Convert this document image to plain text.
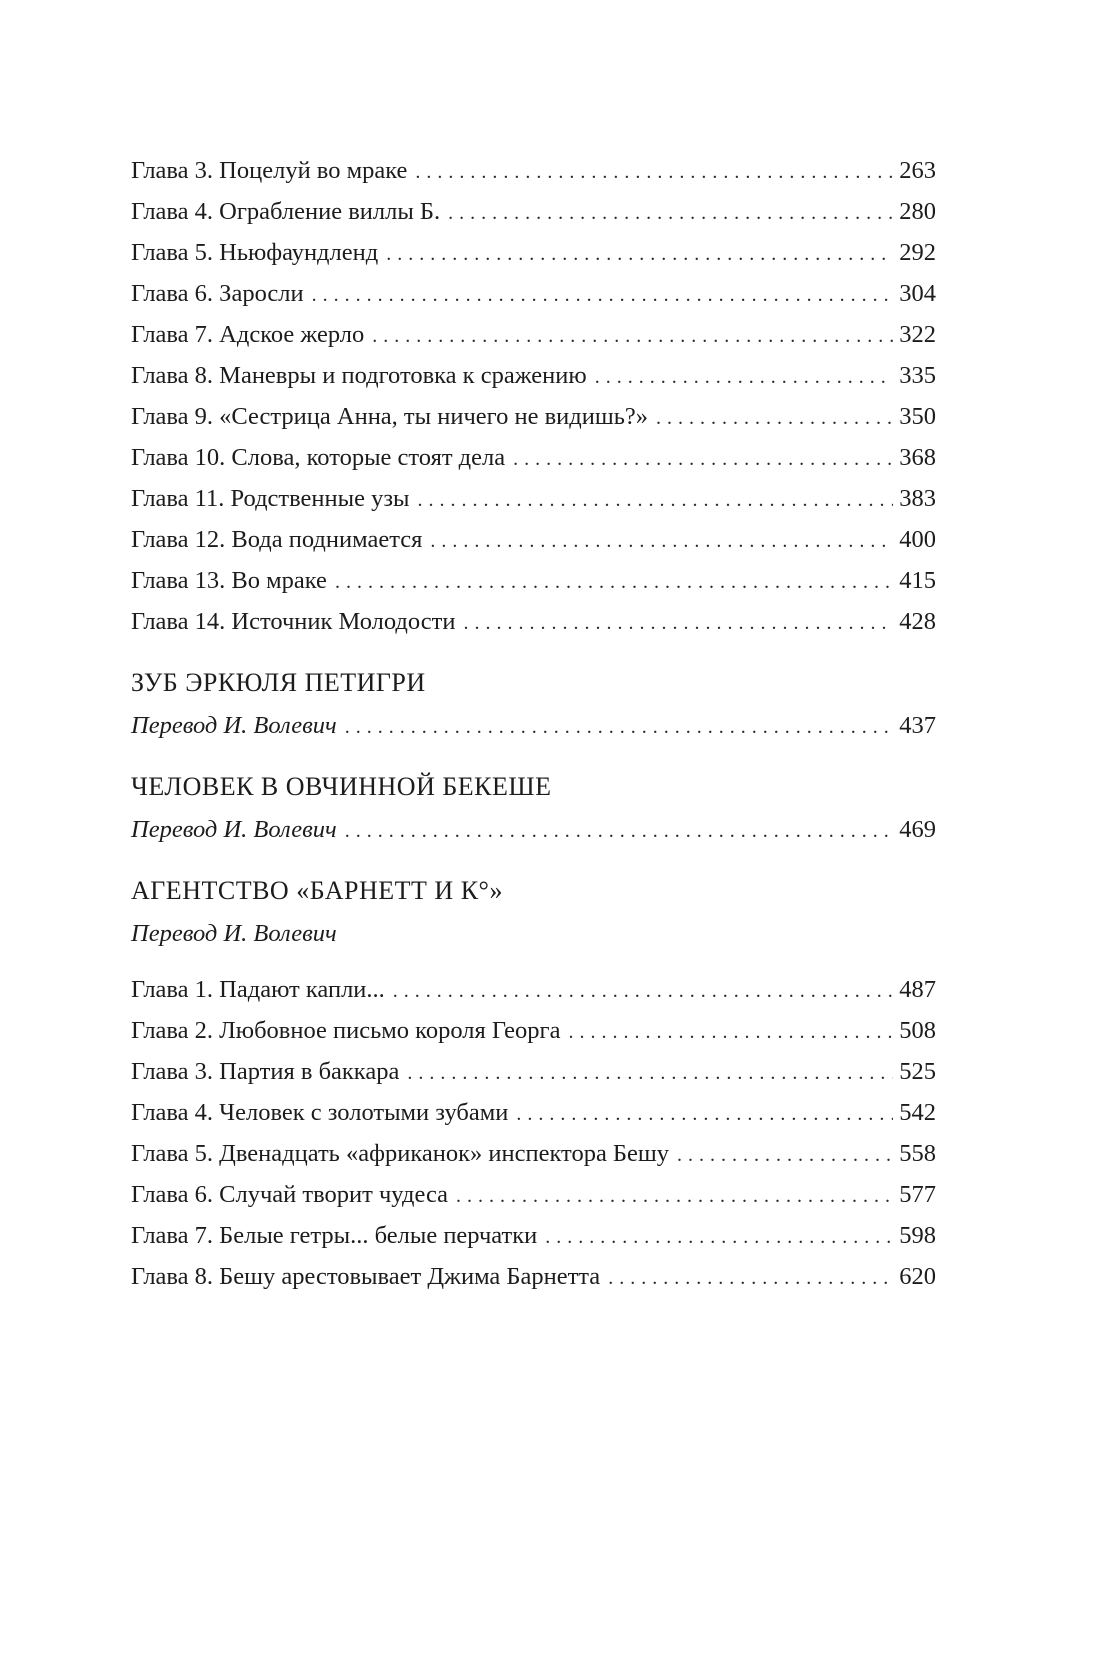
Глава 3. Поцелуй во мраке . . .	263
Глава 4. Ограбление виллы Б. . . .	280
Глава 5. Ньюфаундленд . . .	292
Глава 6. Заросли . . .	304
Глава 7. Адское жерло . . .	322
Глава 8. Маневры и подготовка к сражению . . .	335
Глава 9. «Сестрица Анна, ты ничего не видишь?» . . .	350
Глава 10. Слова, которые стоят дела . . .	368
Глава 11. Родственные узы . . .	383
Глава 12. Вода поднимается . . .	400
Глава 13. Во мраке . . .	415
Глава 14. Источник Молодости . . .	428
ЗУБ ЭРКЮЛЯ ПЕТИГРИ
Перевод И. Волевич . . .	437
ЧЕЛОВЕК В ОВЧИННОЙ БЕКЕШЕ
Перевод И. Волевич . . .	469
АГЕНТСТВО «БАРНЕТТ И К°»
Перевод И. Волевич
Глава 1. Падают капли... . . .	487
Глава 2. Любовное письмо короля Георга . . .	508
Глава 3. Партия в баккара . . .	525
Глава 4. Человек с золотыми зубами . . .	542
Глава 5. Двенадцать «африканок» инспектора Бешу . . .	558
Глава 6. Случай творит чудеса . . .	577
Глава 7. Белые гетры... белые перчатки . . .	598
Глава 8. Бешу арестовывает Джима Барнетта . . .	620
